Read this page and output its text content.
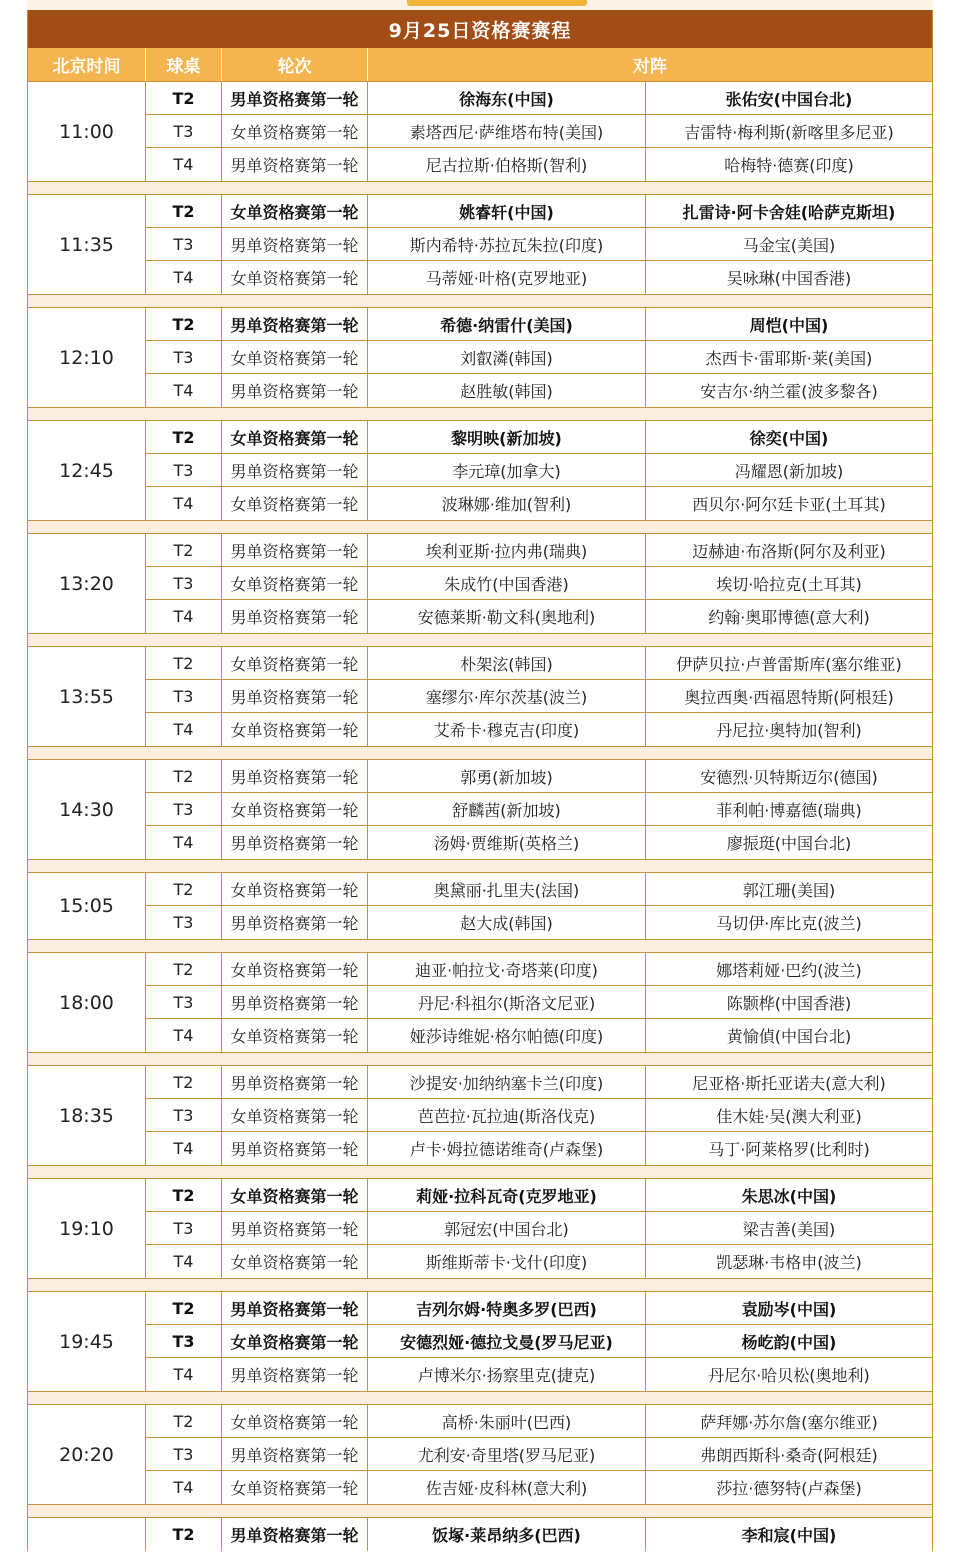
9月25日资格赛赛程
北京时间	球桌	轮次	对阵
11:00
T2	男单资格赛第一轮	徐海东(中国)	张佑安(中国台北)
T3	女单资格赛第一轮	素塔西尼·萨维塔布特(美国)	吉雷特·梅利斯(新喀里多尼亚)
T4	男单资格赛第一轮	尼古拉斯·伯格斯(智利)	哈梅特·德赛(印度)
11:35
T2	女单资格赛第一轮	姚睿轩(中国)	扎雷诗·阿卡舍娃(哈萨克斯坦)
T3	男单资格赛第一轮	斯内希特·苏拉瓦朱拉(印度)	马金宝(美国)
T4	女单资格赛第一轮	马蒂娅·叶格(克罗地亚)	吴咏琳(中国香港)
12:10
T2	男单资格赛第一轮	希德·纳雷什(美国)	周恺(中国)
T3	女单资格赛第一轮	刘叡潾(韩国)	杰西卡·雷耶斯·莱(美国)
T4	男单资格赛第一轮	赵胜敏(韩国)	安吉尔·纳兰霍(波多黎各)
12:45
T2	女单资格赛第一轮	黎明映(新加坡)	徐奕(中国)
T3	男单资格赛第一轮	李元璋(加拿大)	冯耀恩(新加坡)
T4	女单资格赛第一轮	波琳娜·维加(智利)	西贝尔·阿尔廷卡亚(土耳其)
13:20
T2	男单资格赛第一轮	埃利亚斯·拉内弗(瑞典)	迈赫迪·布洛斯(阿尔及利亚)
T3	女单资格赛第一轮	朱成竹(中国香港)	埃切·哈拉克(土耳其)
T4	男单资格赛第一轮	安德莱斯·勒文科(奥地利)	约翰·奥耶博德(意大利)
13:55
T2	女单资格赛第一轮	朴架泫(韩国)	伊萨贝拉·卢普雷斯库(塞尔维亚)
T3	男单资格赛第一轮	塞缪尔·库尔茨基(波兰)	奥拉西奥·西福恩特斯(阿根廷)
T4	女单资格赛第一轮	艾希卡·穆克吉(印度)	丹尼拉·奥特加(智利)
14:30
T2	男单资格赛第一轮	郭勇(新加坡)	安德烈·贝特斯迈尔(德国)
T3	女单资格赛第一轮	舒麟茜(新加坡)	菲利帕·博嘉德(瑞典)
T4	男单资格赛第一轮	汤姆·贾维斯(英格兰)	廖振珽(中国台北)
15:05
T2	女单资格赛第一轮	奥黛丽·扎里夫(法国)	郭江珊(美国)
T3	男单资格赛第一轮	赵大成(韩国)	马切伊·库比克(波兰)
18:00
T2	女单资格赛第一轮	迪亚·帕拉戈·奇塔莱(印度)	娜塔莉娅·巴约(波兰)
T3	男单资格赛第一轮	丹尼·科祖尔(斯洛文尼亚)	陈颢桦(中国香港)
T4	女单资格赛第一轮	娅莎诗维妮·格尔帕德(印度)	黄愉偵(中国台北)
18:35
T2	男单资格赛第一轮	沙提安·加纳纳塞卡兰(印度)	尼亚格·斯托亚诺夫(意大利)
T3	女单资格赛第一轮	芭芭拉·瓦拉迪(斯洛伐克)	佳木娃·吴(澳大利亚)
T4	男单资格赛第一轮	卢卡·姆拉德诺维奇(卢森堡)	马丁·阿莱格罗(比利时)
19:10
T2	女单资格赛第一轮	莉娅·拉科瓦奇(克罗地亚)	朱思冰(中国)
T3	男单资格赛第一轮	郭冠宏(中国台北)	梁吉善(美国)
T4	女单资格赛第一轮	斯维斯蒂卡·戈什(印度)	凯瑟琳·韦格申(波兰)
19:45
T2	男单资格赛第一轮	吉列尔姆·特奥多罗(巴西)	袁励岑(中国)
T3	女单资格赛第一轮	安德烈娅·德拉戈曼(罗马尼亚)	杨屹韵(中国)
T4	男单资格赛第一轮	卢博米尔·扬察里克(捷克)	丹尼尔·哈贝松(奥地利)
20:20
T2	女单资格赛第一轮	高桥·朱丽叶(巴西)	萨拜娜·苏尔詹(塞尔维亚)
T3	男单资格赛第一轮	尤利安·奇里塔(罗马尼亚)	弗朗西斯科·桑奇(阿根廷)
T4	女单资格赛第一轮	佐吉娅·皮科林(意大利)	莎拉·德努特(卢森堡)
T2	男单资格赛第一轮	饭塚·莱昂纳多(巴西)	李和宸(中国)
